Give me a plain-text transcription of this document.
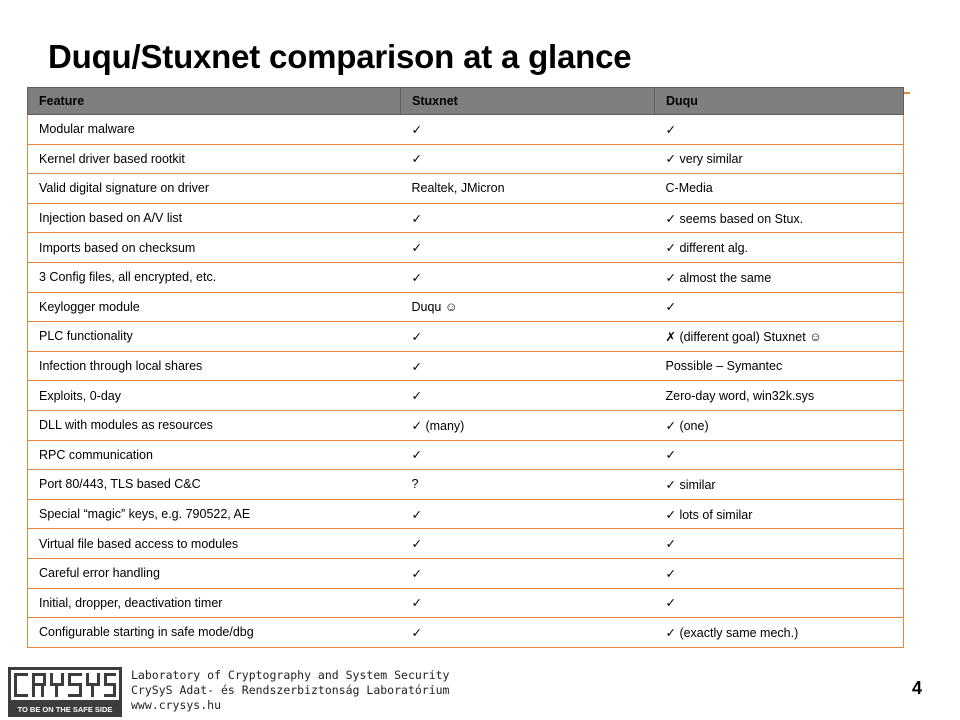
Duqu/Stuxnet comparison at a glance
Feature	Stuxnet	Duqu
Modular malware	✓	✓
Kernel driver based rootkit	✓	✓ very similar
Valid digital signature on driver	Realtek, JMicron	C-Media
Injection based on A/V list	✓	✓ seems based on Stux.
Imports based on checksum	✓	✓ different alg.
3 Config files, all encrypted, etc.	✓	✓ almost the same
Keylogger module	Duqu ☺	✓
PLC functionality	✓	✗ (different goal) Stuxnet ☺
Infection through local shares	✓	Possible – Symantec
Exploits, 0-day	✓	Zero-day word, win32k.sys
DLL with modules as resources	✓ (many)	✓ (one)
RPC communication	✓	✓
Port 80/443, TLS based C&C	?	✓ similar
Special “magic” keys, e.g. 790522, AE	✓	✓ lots of similar
Virtual file based access to modules	✓	✓
Careful error handling	✓	✓
Initial, dropper, deactivation timer	✓	✓
Configurable starting in safe mode/dbg	✓	✓ (exactly same mech.)
TO BE ON THE SAFE SIDE
Laboratory of Cryptography and System Security
CrySyS Adat- és Rendszerbiztonság Laboratórium
www.crysys.hu
4
